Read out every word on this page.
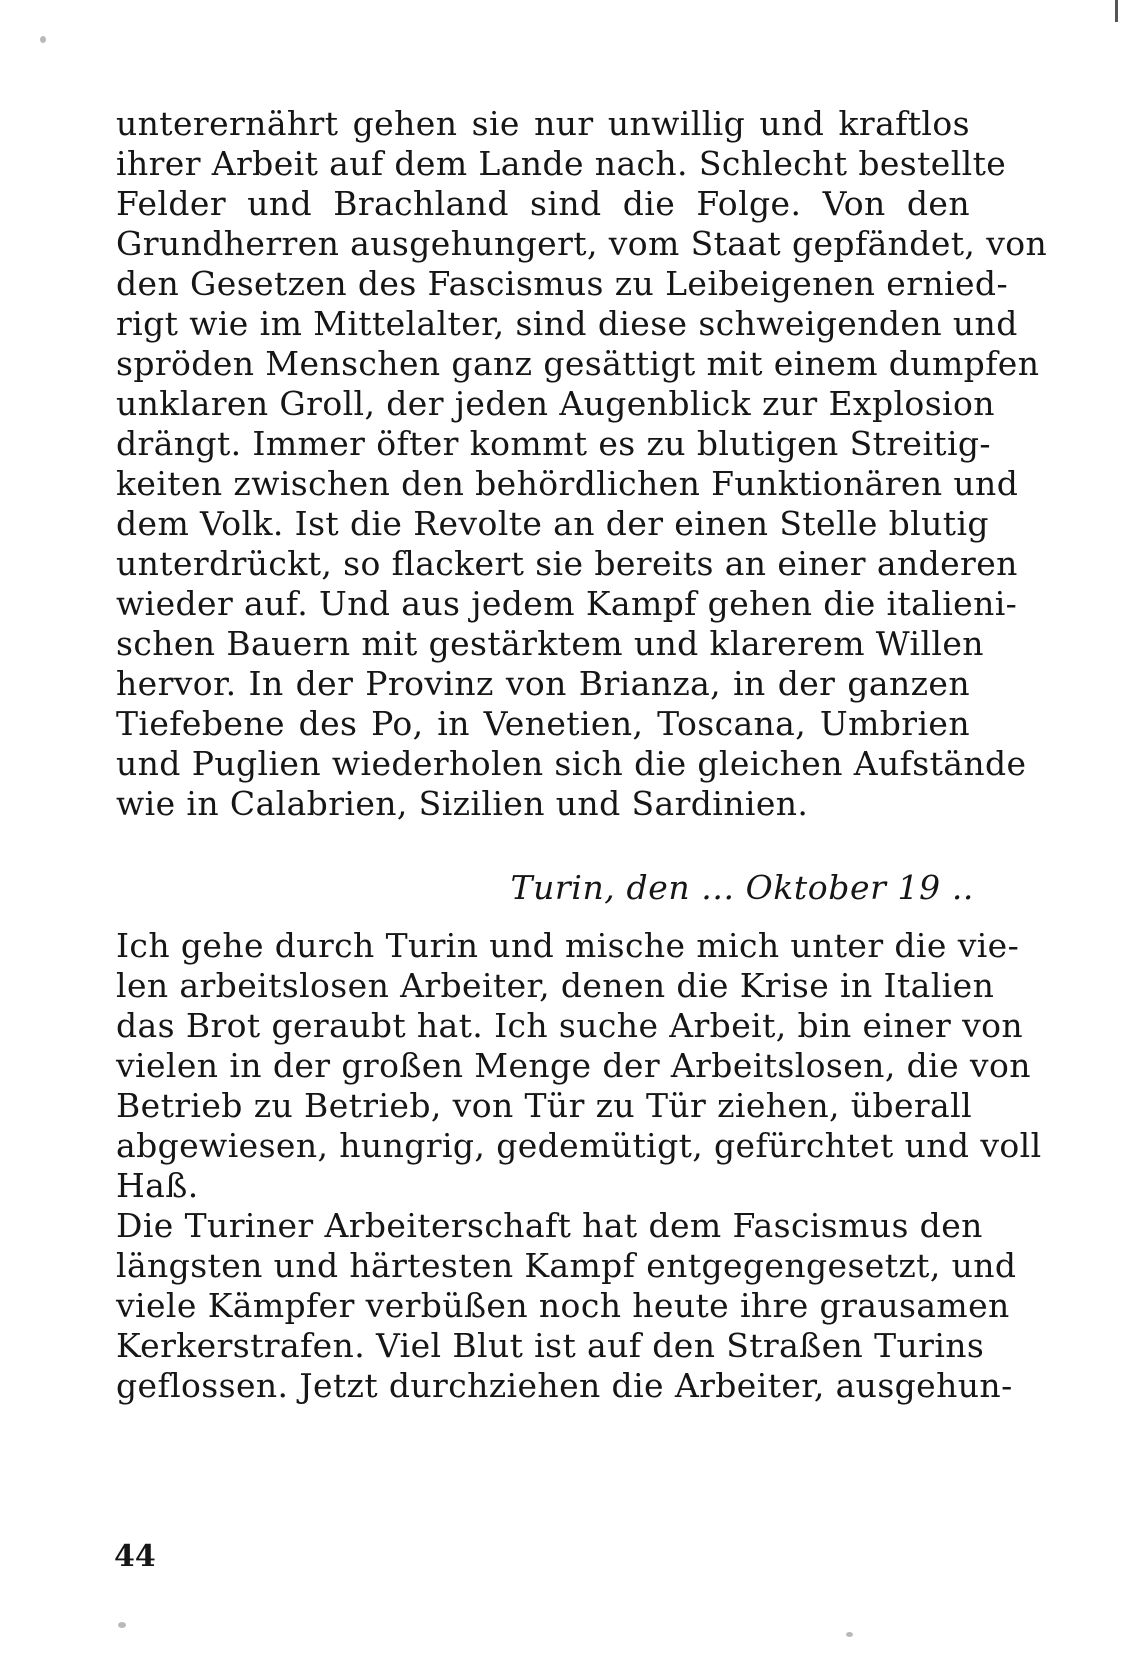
unterernährt gehen sie nur unwillig und kraftlos
ihrer Arbeit auf dem Lande nach. Schlecht bestellte
Felder und Brachland sind die Folge. Von den
Grundherren ausgehungert, vom Staat gepfändet, von
den Gesetzen des Fascismus zu Leibeigenen ernied-
rigt wie im Mittelalter, sind diese schweigenden und
spröden Menschen ganz gesättigt mit einem dumpfen
unklaren Groll, der jeden Augenblick zur Explosion
drängt. Immer öfter kommt es zu blutigen Streitig-
keiten zwischen den behördlichen Funktionären und
dem Volk. Ist die Revolte an der einen Stelle blutig
unterdrückt, so flackert sie bereits an einer anderen
wieder auf. Und aus jedem Kampf gehen die italieni-
schen Bauern mit gestärktem und klarerem Willen
hervor. In der Provinz von Brianza, in der ganzen
Tiefebene des Po, in Venetien, Toscana, Umbrien
und Puglien wiederholen sich die gleichen Aufstände
wie in Calabrien, Sizilien und Sardinien.
Turin, den ... Oktober 19 ..
Ich gehe durch Turin und mische mich unter die vie-
len arbeitslosen Arbeiter, denen die Krise in Italien
das Brot geraubt hat. Ich suche Arbeit, bin einer von
vielen in der großen Menge der Arbeitslosen, die von
Betrieb zu Betrieb, von Tür zu Tür ziehen, überall
abgewiesen, hungrig, gedemütigt, gefürchtet und voll
Haß.
Die Turiner Arbeiterschaft hat dem Fascismus den
längsten und härtesten Kampf entgegengesetzt, und
viele Kämpfer verbüßen noch heute ihre grausamen
Kerkerstrafen. Viel Blut ist auf den Straßen Turins
geflossen. Jetzt durchziehen die Arbeiter, ausgehun-
44
